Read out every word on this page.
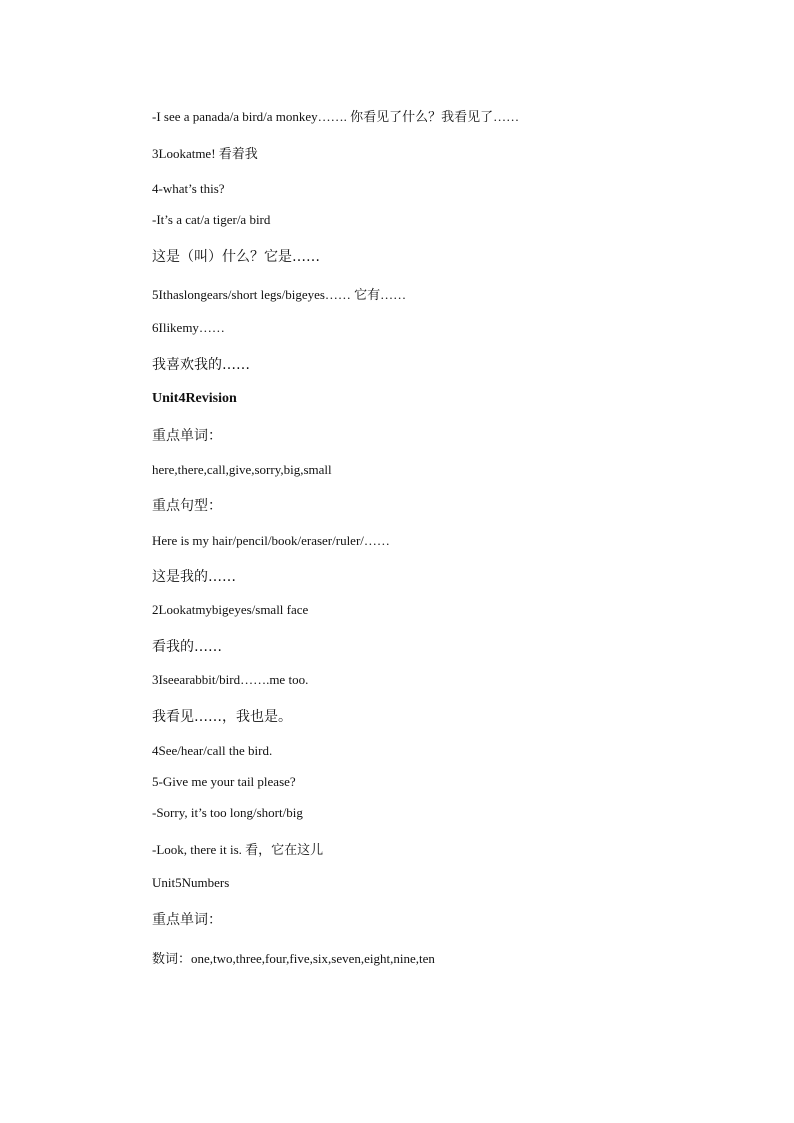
-I see a panada/a bird/a monkey……. 你看见了什么？我看见了……
3Lookatme! 看着我
4-what’s this?
-It’s a cat/a tiger/a bird
这是（叫）什么？它是……
5Ithaslongears/short legs/bigeyes…… 它有……
6Ilikemy……
我喜欢我的……
Unit4Revision
重点单词：
here,there,call,give,sorry,big,small
重点句型：
Here is my hair/pencil/book/eraser/ruler/……
这是我的……
2Lookatmybigeyes/small face
看我的……
3Iseearabbit/bird…….me too.
我看见……，我也是。
4See/hear/call the bird.
5-Give me your tail please?
-Sorry, it’s too long/short/big
-Look, there it is. 看，它在这儿
Unit5Numbers
重点单词：
数词：one,two,three,four,five,six,seven,eight,nine,ten
